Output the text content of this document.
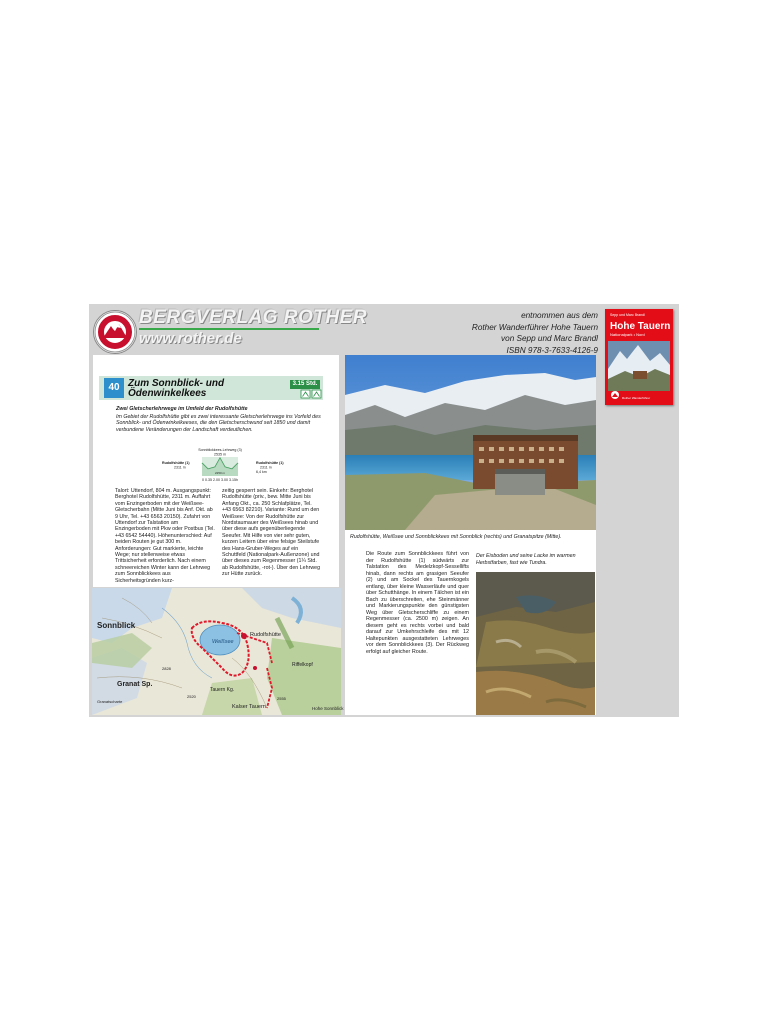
BERGVERLAG ROTHER
www.rother.de
entnommen aus dem
Rother Wanderführer Hohe Tauern
von Sepp und Marc Brandl
ISBN 978-3-7633-4126-9
Sepp und Marc Brandl
Hohe Tauern
Nationalpark • Nord
Rother Wanderführer
40 Zum Sonnblick- und
Ödenwinkelkees
3.15 Std.

Zwei Gletscherlehrwege im Umfeld der Rudolfshütte

Im Gebiet der Rudolfshütte gibt es zwei interessante Gletscherlehrwege ins Vorfeld des Sonnblick- und Ödenwinkelkeeses, die den Gletscherschwund seit 1850 und damit verbundene Veränderungen der Landschaft verdeutlichen.

Sonnblickkees-Lehrweg (3)
2535 m
Rudolfshütte (1)
2311 m
Rudolfshütte (1)
2311 m
2250 m	6,4 km
0 0.35 2.00 3.00 3.15h

Talort: Uttendorf, 804 m. Ausgangspunkt: Berghotel Rudolfshütte, 2311 m. Auffahrt vom Enzingerboden mit der Weißsee-Gletscherbahn (Mitte Juni bis Anf. Okt. ab 9 Uhr, Tel. +43 6563 20150). Zufahrt von Uttendorf zur Talstation am Enzingerboden mit Pkw oder Postbus (Tel. +43 6542 54440). Höhenunterschied: Auf beiden Routen je gut 300 m. Anforderungen: Gut markierte, leichte Wege; nur stellenweise etwas Trittsicherheit erforderlich. Nach einem schneereichen Winter kann der Lehrweg zum Sonnblickkees aus Sicherheitsgründen kurz-

zeitig gesperrt sein. Einkehr: Berghotel Rudolfshütte (priv., bew. Mitte Juni bis Anfang Okt., ca. 250 Schlafplätze, Tel. +43 6563 82210). Variante: Rund um den Weißsee: Von der Rudolfshütte zur Nordstaumauer des Weißsees hinab und über diese aufs gegenüberliegende Seeufer. Mit Hilfe von vier sehr guten, kurzen Leitern über eine felsige Steilstufe des Hans-Gruber-Weges auf ein Schuttfeld (Nationalpark-Außenzone) und über dieses zum Regenmesser (1¼ Std. ab Rudolfshütte, -rot-). Über den Lehrweg zur Hütte zurück.

Sonnblick
Granat Sp.
Weißsee
Rudolfshütte
Riffelkopf
Tauern Kg.
Kalser Tauern	Hohe Sonnblick
Granatscharte
2828
2520	2555
Rudolfshütte, Weißsee und Sonnblickkees mit Sonnblick (rechts) und Granatspitze (Mitte).

Die Route zum Sonnblickkees führt von der Rudolfshütte (1) südwärts zur Talstation des Medelzkopf-Sessellifts hinab, dann rechts am grasigen Seeufer (2) und am Sockel des Tauernkogels entlang, über kleine Wasserläufe und quer über Schutthänge. In einem Tälchen ist ein Bach zu überschreiten, ehe Steinmänner und Markierungspunkte den günstigsten Weg über Gletscherschliffe zu einem Regenmesser (ca. 2500 m) zeigen. An diesem geht es rechts vorbei und bald darauf zur Umkehrschleife des mit 12 Haltepunkten ausgestatteten Lehrweges vor dem Sonnblickkees (3). Der Rückweg erfolgt auf gleicher Route.

Der Eisboden und seine Lacke im warmen Herbstfarben, fast wie Tundra.
